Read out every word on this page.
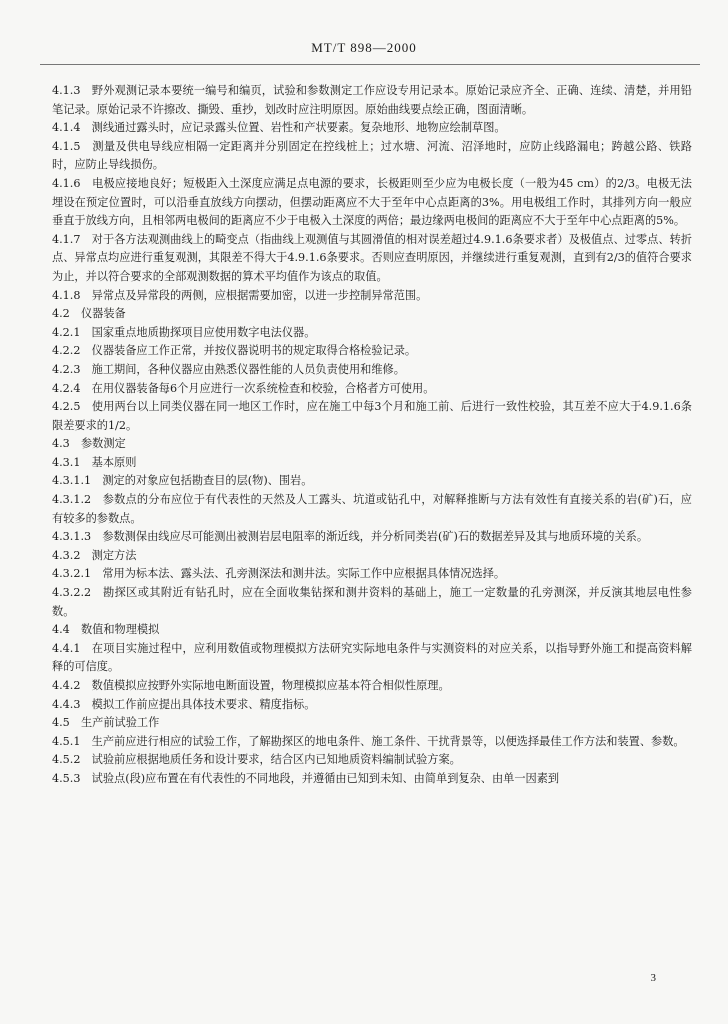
MT/T 898—2000

4.1.3　野外观测记录本要统一编号和编页，试验和参数测定工作应设专用记录本。原始记录应齐全、正确、连续、清楚，并用铅笔记录。原始记录不许擦改、撕毁、重抄，划改时应注明原因。原始曲线要点绘正确，图面清晰。

4.1.4　测线通过露头时，应记录露头位置、岩性和产状要素。复杂地形、地物应绘制草图。

4.1.5　测量及供电导线应相隔一定距离并分别固定在控线桩上；过水塘、河流、沼泽地时，应防止线路漏电；跨越公路、铁路时，应防止导线损伤。

4.1.6　电极应接地良好；短极距入土深度应满足点电源的要求，长极距则至少应为电极长度（一般为45 cm）的2/3。电极无法埋设在预定位置时，可以沿垂直放线方向摆动，但摆动距离应不大于至年中心点距离的3%。用电极组工作时，其排列方向一般应垂直于放线方向，且相邻两电极间的距离应不少于电极入土深度的两倍；最边缘两电极间的距离应不大于至年中心点距离的5%。

4.1.7　对于各方法观测曲线上的畸变点（指曲线上观测值与其圆滑值的相对误差超过4.9.1.6条要求者）及极值点、过零点、转折点、异常点均应进行重复观测，其限差不得大于4.9.1.6条要求。否则应查明原因，并继续进行重复观测，直到有2/3的值符合要求为止，并以符合要求的全部观测数据的算术平均值作为该点的取值。

4.1.8　异常点及异常段的两侧，应根据需要加密，以进一步控制异常范围。

4.2　仪器装备

4.2.1　国家重点地质勘探项目应使用数字电法仪器。

4.2.2　仪器装备应工作正常，并按仪器说明书的规定取得合格检验记录。

4.2.3　施工期间，各种仪器应由熟悉仪器性能的人员负责使用和维修。

4.2.4　在用仪器装备每6个月应进行一次系统检查和校验，合格者方可使用。

4.2.5　使用两台以上同类仪器在同一地区工作时，应在施工中每3个月和施工前、后进行一致性校验，其互差不应大于4.9.1.6条限差要求的1/2。

4.3　参数测定

4.3.1　基本原则

4.3.1.1　测定的对象应包括勘查目的层(物)、围岩。

4.3.1.2　参数点的分布应位于有代表性的天然及人工露头、坑道或钻孔中，对解释推断与方法有效性有直接关系的岩(矿)石，应有较多的参数点。

4.3.1.3　参数测保由线应尽可能测出被测岩层电阻率的渐近线，并分析同类岩(矿)石的数据差异及其与地质环境的关系。

4.3.2　测定方法

4.3.2.1　常用为标本法、露头法、孔旁测深法和测井法。实际工作中应根据具体情况选择。

4.3.2.2　勘探区或其附近有钻孔时，应在全面收集钻探和测井资料的基础上，施工一定数量的孔旁测深，并反演其地层电性参数。

4.4　数值和物理模拟

4.4.1　在项目实施过程中，应利用数值或物理模拟方法研究实际地电条件与实测资料的对应关系，以指导野外施工和提高资料解释的可信度。

4.4.2　数值模拟应按野外实际地电断面设置，物理模拟应基本符合相似性原理。

4.4.3　模拟工作前应提出具体技术要求、精度指标。

4.5　生产前试验工作

4.5.1　生产前应进行相应的试验工作，了解勘探区的地电条件、施工条件、干扰背景等，以便选择最佳工作方法和装置、参数。

4.5.2　试验前应根据地质任务和设计要求，结合区内已知地质资料编制试验方案。

4.5.3　试验点(段)应布置在有代表性的不同地段，并遵循由已知到未知、由简单到复杂、由单一因素到

3
